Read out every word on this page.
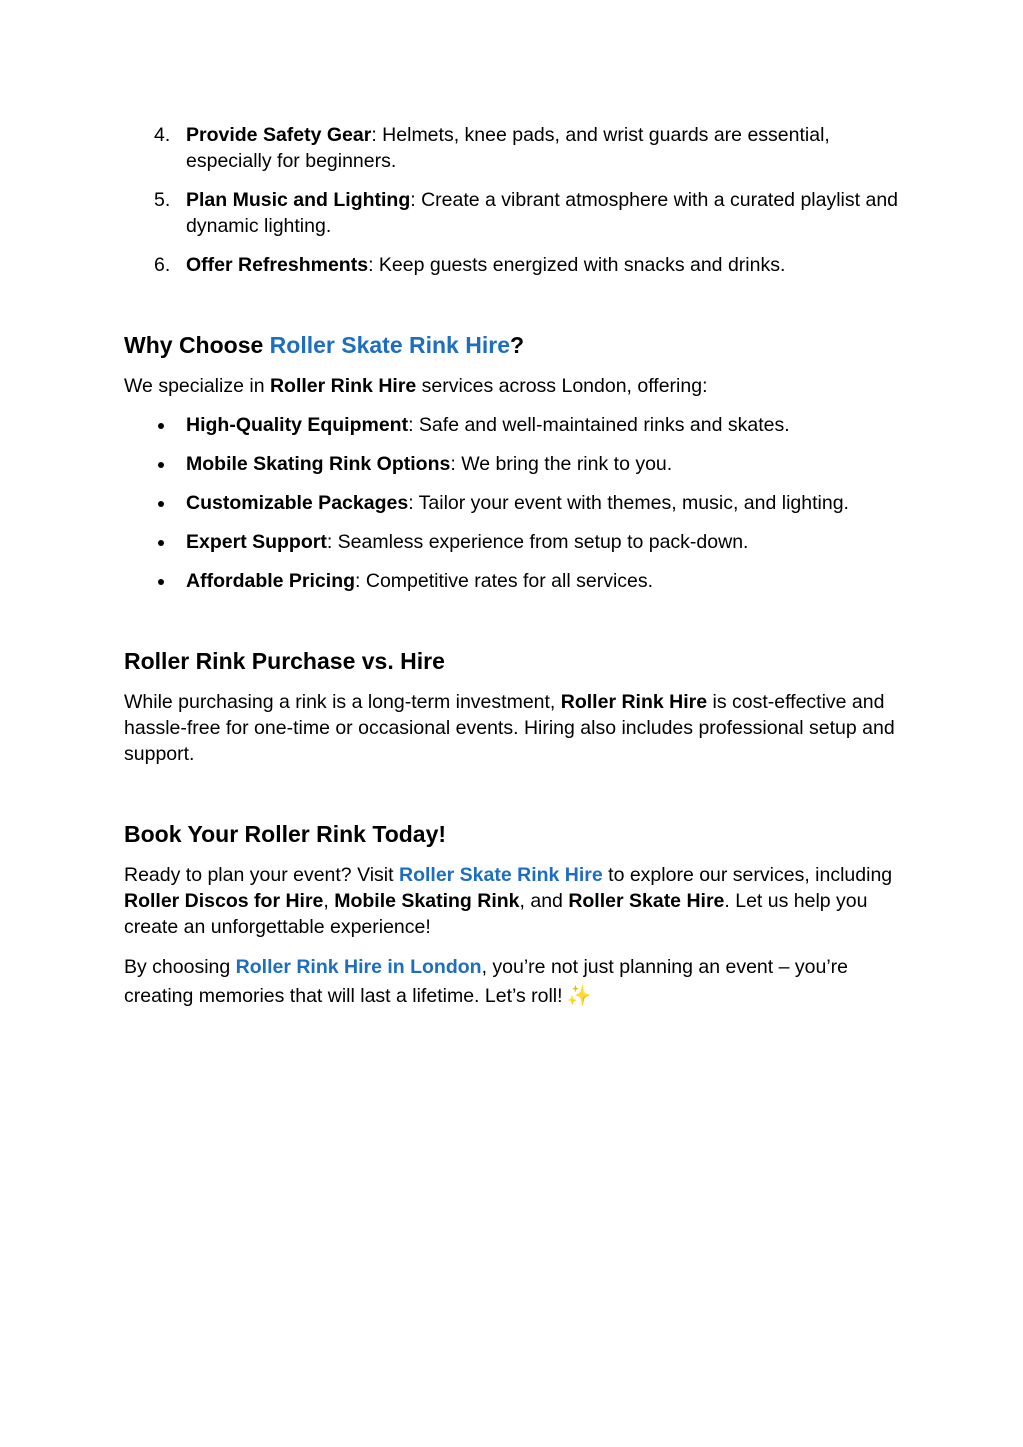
4. Provide Safety Gear: Helmets, knee pads, and wrist guards are essential, especially for beginners.
5. Plan Music and Lighting: Create a vibrant atmosphere with a curated playlist and dynamic lighting.
6. Offer Refreshments: Keep guests energized with snacks and drinks.
Why Choose Roller Skate Rink Hire?

We specialize in Roller Rink Hire services across London, offering:

High-Quality Equipment: Safe and well-maintained rinks and skates.
Mobile Skating Rink Options: We bring the rink to you.
Customizable Packages: Tailor your event with themes, music, and lighting.
Expert Support: Seamless experience from setup to pack-down.
Affordable Pricing: Competitive rates for all services.
Roller Rink Purchase vs. Hire

While purchasing a rink is a long-term investment, Roller Rink Hire is cost-effective and hassle-free for one-time or occasional events. Hiring also includes professional setup and support.

Book Your Roller Rink Today!

Ready to plan your event? Visit Roller Skate Rink Hire to explore our services, including Roller Discos for Hire, Mobile Skating Rink, and Roller Skate Hire. Let us help you create an unforgettable experience!

By choosing Roller Rink Hire in London, you’re not just planning an event – you’re creating memories that will last a lifetime. Let’s roll! ✨
